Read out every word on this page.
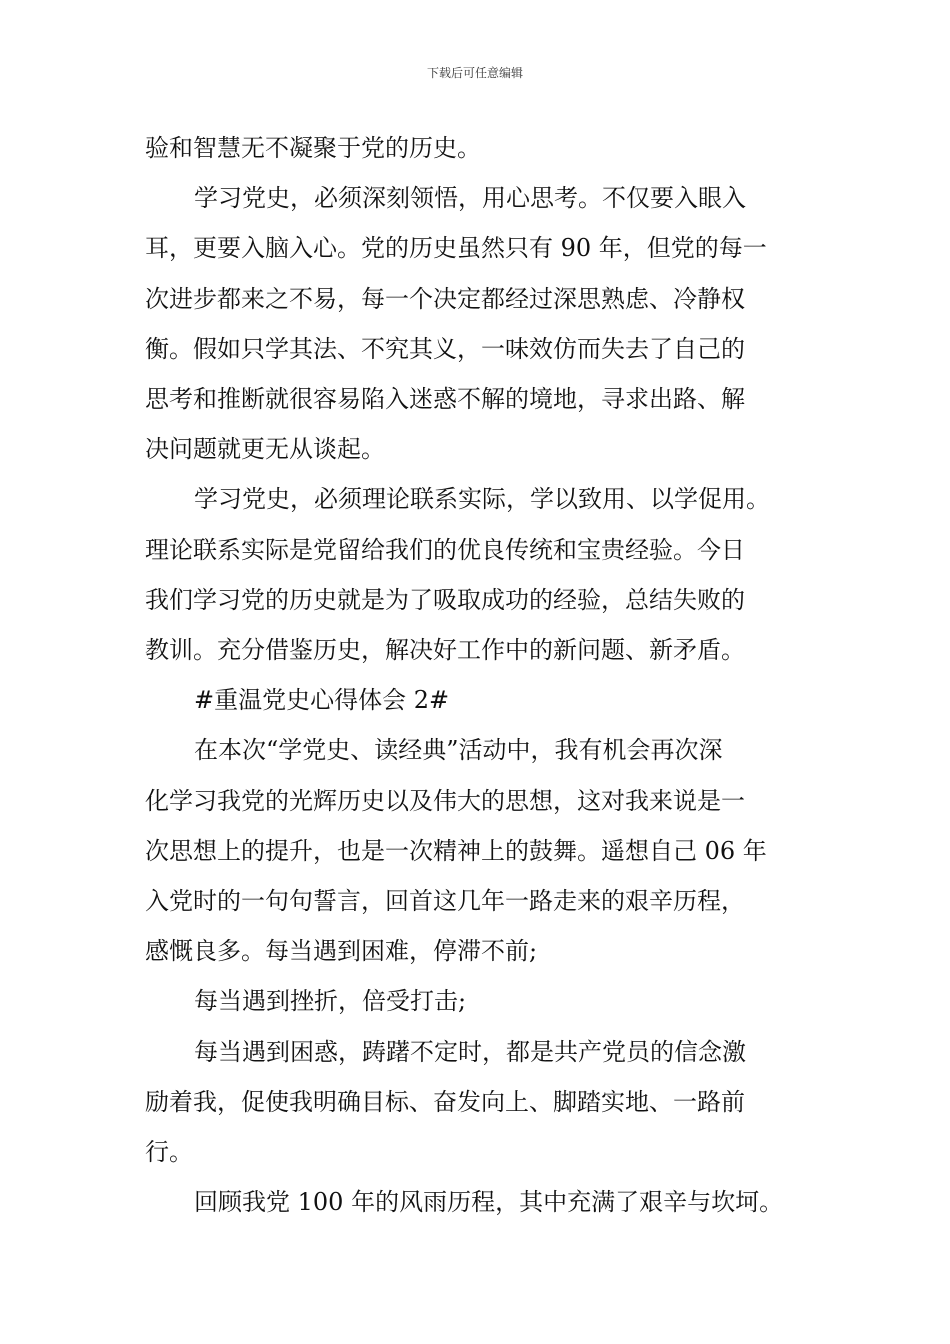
下载后可任意编辑
验和智慧无不凝聚于党的历史。
学习党史，必须深刻领悟，用心思考。不仅要入眼入
耳，更要入脑入心。党的历史虽然只有 90 年，但党的每一
次进步都来之不易，每一个决定都经过深思熟虑、冷静权
衡。假如只学其法、不究其义，一味效仿而失去了自己的
思考和推断就很容易陷入迷惑不解的境地，寻求出路、解
决问题就更无从谈起。
学习党史，必须理论联系实际，学以致用、以学促用。
理论联系实际是党留给我们的优良传统和宝贵经验。今日
我们学习党的历史就是为了吸取成功的经验，总结失败的
教训。充分借鉴历史，解决好工作中的新问题、新矛盾。
#重温党史心得体会 2#
在本次“学党史、读经典”活动中，我有机会再次深
化学习我党的光辉历史以及伟大的思想，这对我来说是一
次思想上的提升，也是一次精神上的鼓舞。遥想自己 06 年
入党时的一句句誓言，回首这几年一路走来的艰辛历程，
感慨良多。每当遇到困难，停滞不前;
每当遇到挫折，倍受打击;
每当遇到困惑，踌躇不定时，都是共产党员的信念激
励着我，促使我明确目标、奋发向上、脚踏实地、一路前
行。
回顾我党 100 年的风雨历程，其中充满了艰辛与坎坷。
